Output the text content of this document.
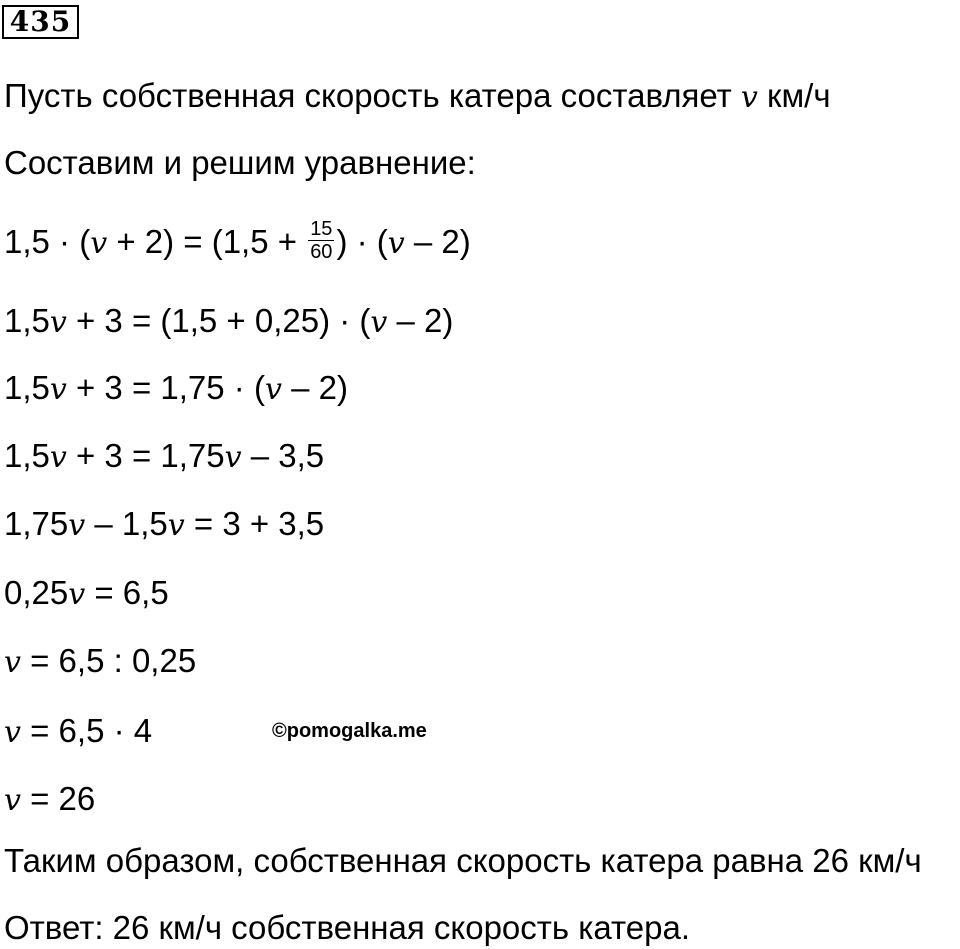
435
Пусть собственная скорость катера составляет v км/ч
Составим и решим уравнение:
$1,5 \cdot (v + 2) = (1,5 + \frac{15}{60}$ ) · (v – 2)
1,5v + 3 = (1,5 + 0,25) · (v – 2)
1,5v + 3 = 1,75 · (v – 2)
1,5v + 3 = 1,75v – 3,5
1,75v – 1,5v = 3 + 3,5
0,25v = 6,5
v = 6,5 : 0,25
v = 6,5 · 4	©pomogalka.me
v = 26
Таким образом, собственная скорость катера равна 26 км/ч
Ответ: 26 км/ч собственная скорость катера.
